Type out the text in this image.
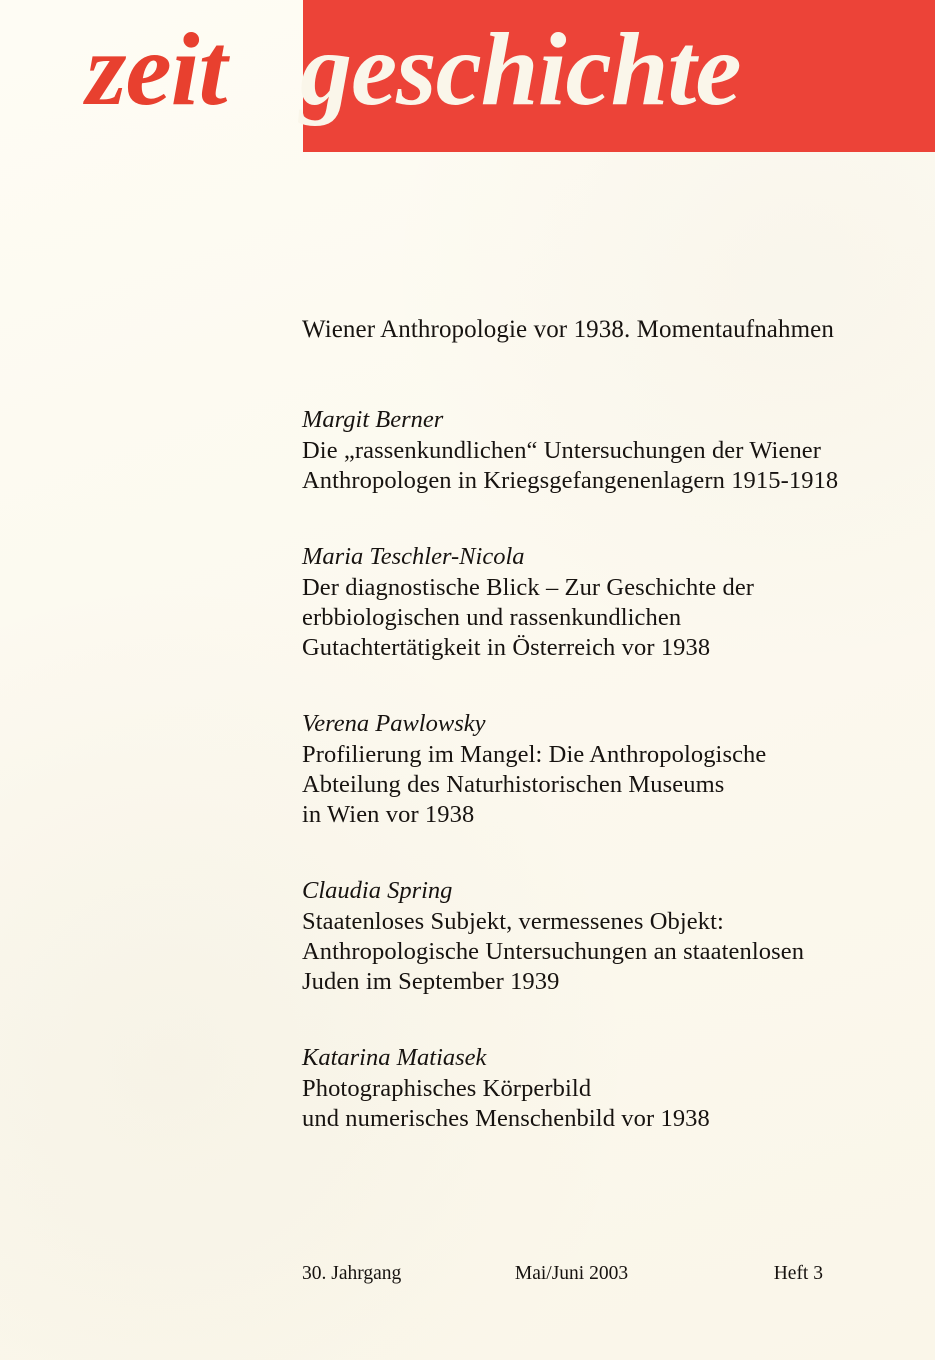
zeit geschichte
Wiener Anthropologie vor 1938. Momentaufnahmen
Margit Berner
Die „rassenkundlichen“ Untersuchungen der Wiener
Anthropologen in Kriegsgefangenenlagern 1915-1918
Maria Teschler-Nicola
Der diagnostische Blick – Zur Geschichte der
erbbiologischen und rassenkundlichen
Gutachtertätigkeit in Österreich vor 1938
Verena Pawlowsky
Profilierung im Mangel: Die Anthropologische
Abteilung des Naturhistorischen Museums
in Wien vor 1938
Claudia Spring
Staatenloses Subjekt, vermessenes Objekt:
Anthropologische Untersuchungen an staatenlosen
Juden im September 1939
Katarina Matiasek
Photographisches Körperbild
und numerisches Menschenbild vor 1938
30. Jahrgang	Mai/Juni 2003	Heft 3
